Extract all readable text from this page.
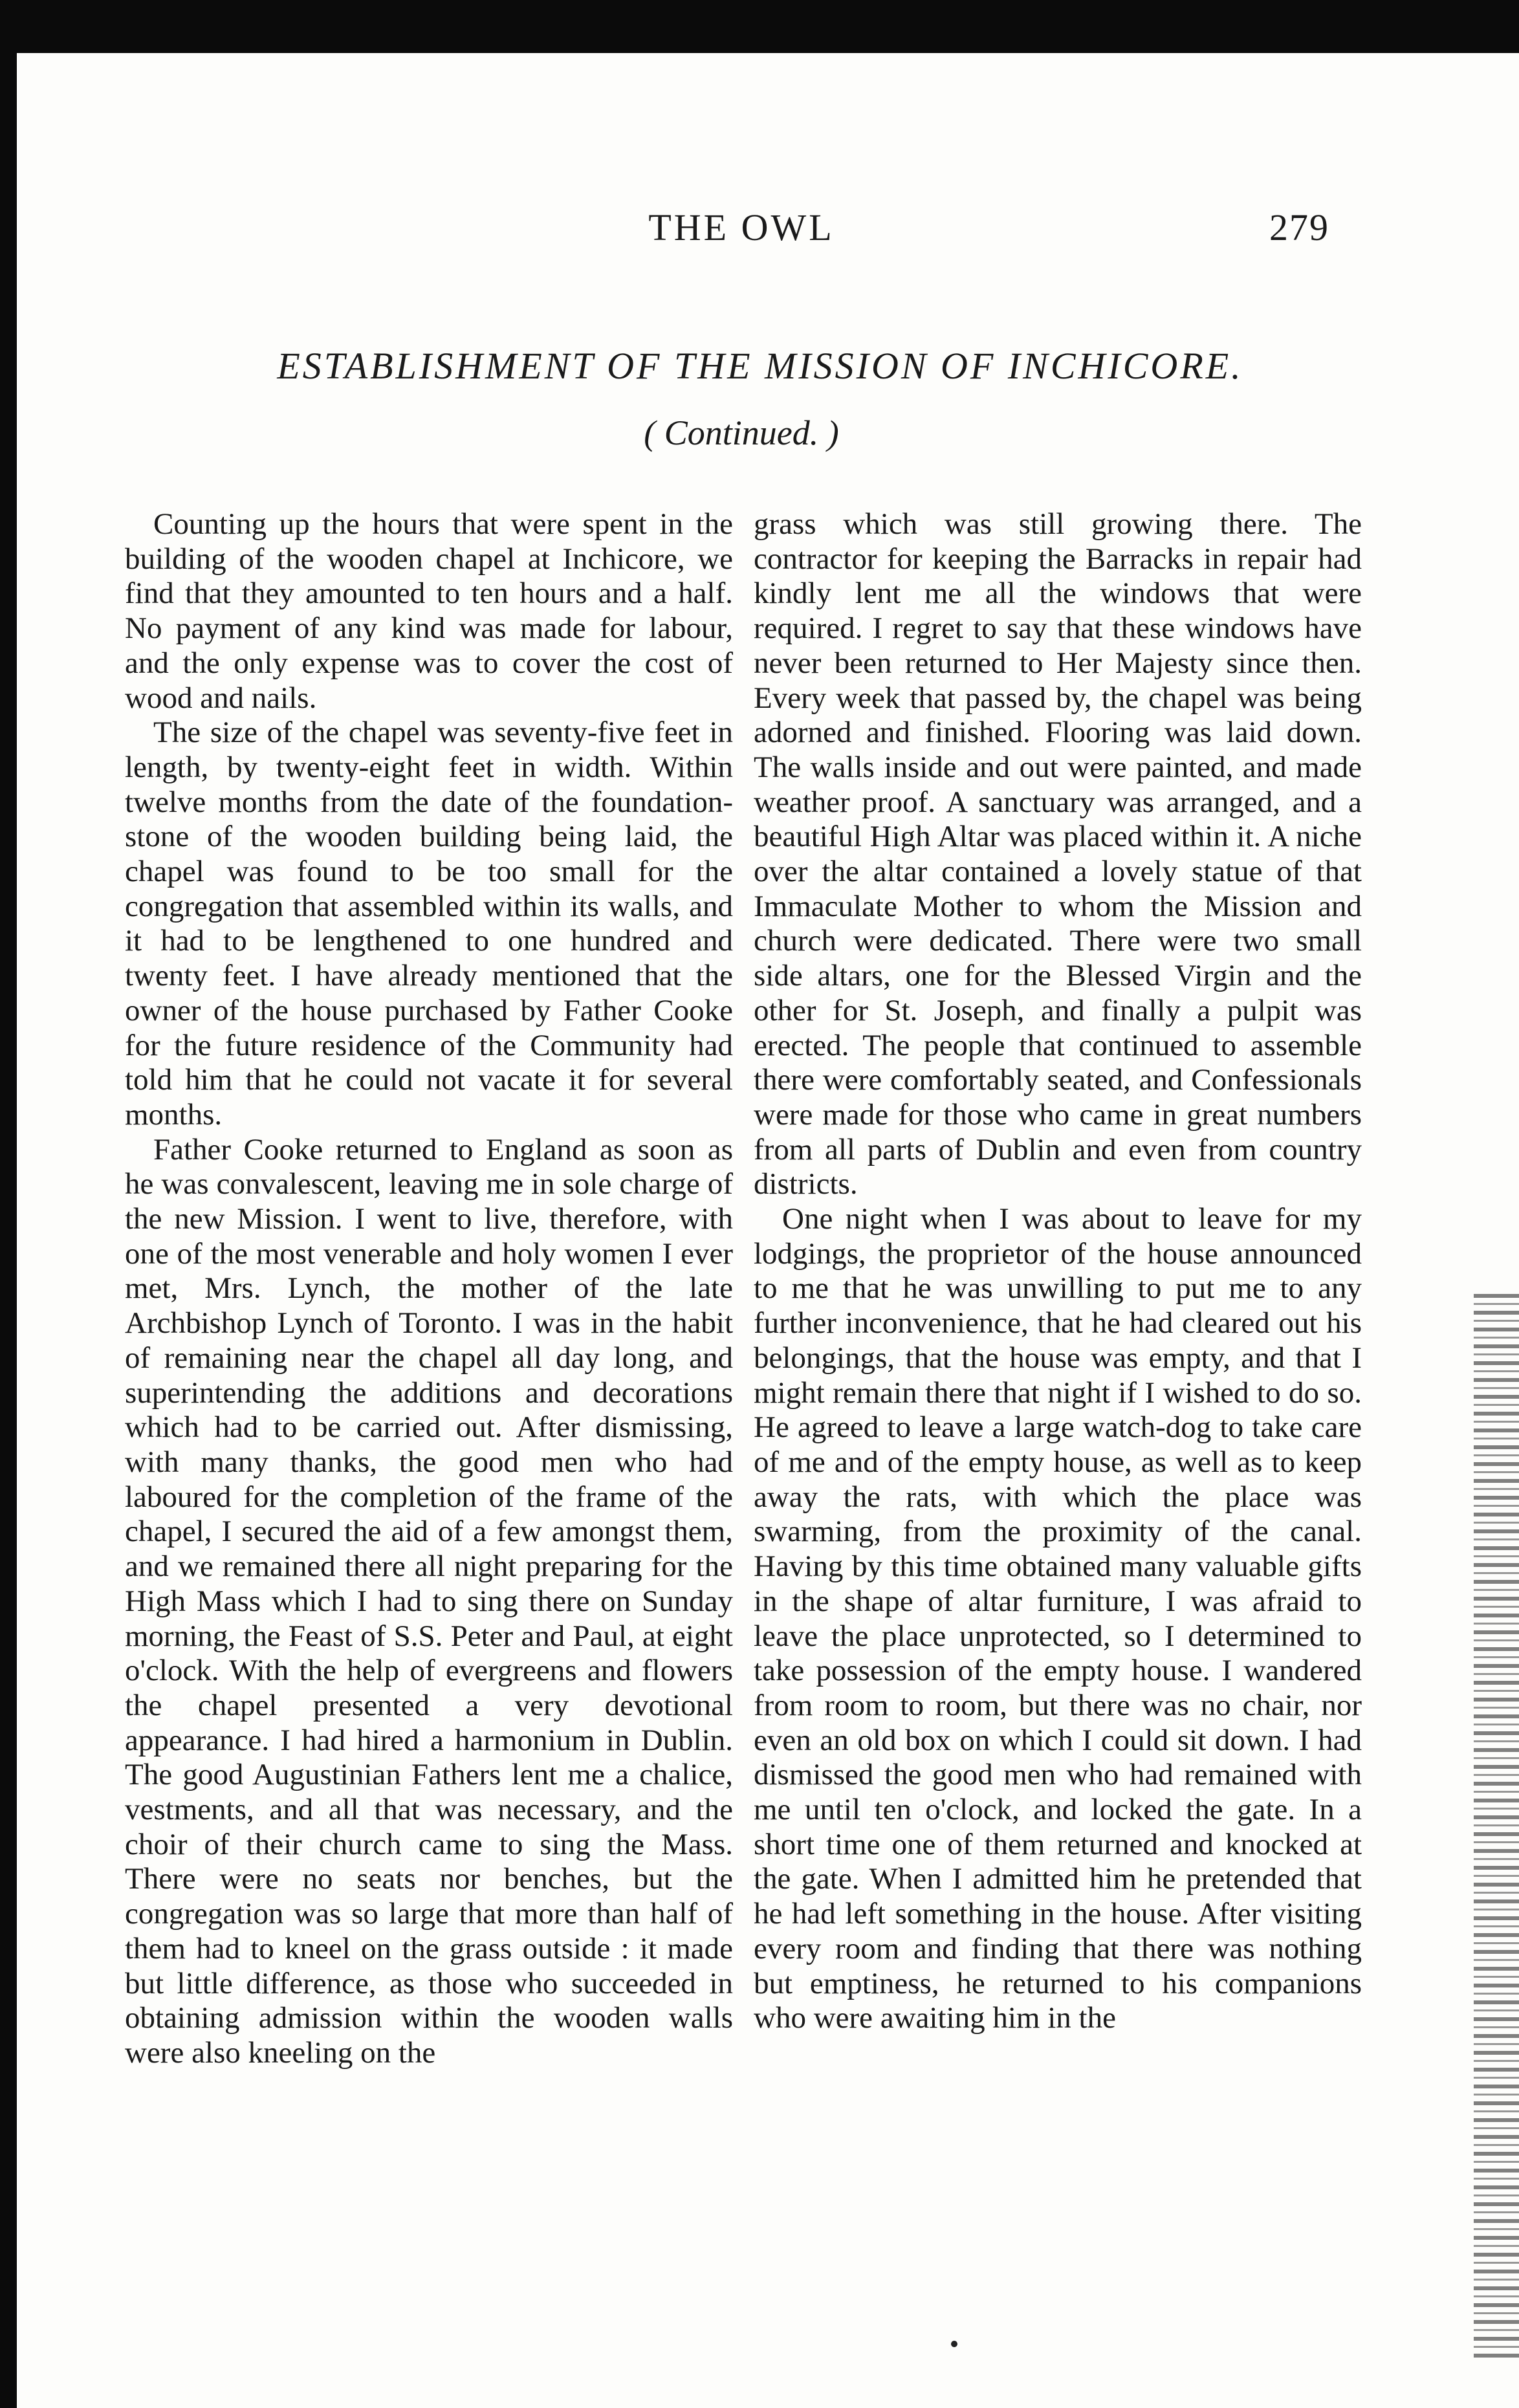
THE OWL	279
ESTABLISHMENT OF THE MISSION OF INCHICORE.
( Continued. )

Counting up the hours that were spent in the building of the wooden chapel at Inchicore, we find that they amounted to ten hours and a half. No payment of any kind was made for labour, and the only expense was to cover the cost of wood and nails.

The size of the chapel was seventy-five feet in length, by twenty-eight feet in width. Within twelve months from the date of the foundation-stone of the wooden building being laid, the chapel was found to be too small for the congregation that assembled within its walls, and it had to be lengthened to one hundred and twenty feet. I have already mentioned that the owner of the house purchased by Father Cooke for the future residence of the Community had told him that he could not vacate it for several months.

Father Cooke returned to England as soon as he was convalescent, leaving me in sole charge of the new Mission. I went to live, therefore, with one of the most venerable and holy women I ever met, Mrs. Lynch, the mother of the late Archbishop Lynch of Toronto. I was in the habit of remaining near the chapel all day long, and superintending the additions and decorations which had to be carried out. After dismissing, with many thanks, the good men who had laboured for the completion of the frame of the chapel, I secured the aid of a few amongst them, and we remained there all night preparing for the High Mass which I had to sing there on Sunday morning, the Feast of S.S. Peter and Paul, at eight o'clock. With the help of evergreens and flowers the chapel presented a very devotional appearance. I had hired a harmonium in Dublin. The good Augustinian Fathers lent me a chalice, vestments, and all that was necessary, and the choir of their church came to sing the Mass. There were no seats nor benches, but the congregation was so large that more than half of them had to kneel on the grass outside : it made but little difference, as those who succeeded in obtaining admission within the wooden walls were also kneeling on the

grass which was still growing there. The contractor for keeping the Barracks in repair had kindly lent me all the windows that were required. I regret to say that these windows have never been returned to Her Majesty since then. Every week that passed by, the chapel was being adorned and finished. Flooring was laid down. The walls inside and out were painted, and made weather proof. A sanctuary was arranged, and a beautiful High Altar was placed within it. A niche over the altar contained a lovely statue of that Immaculate Mother to whom the Mission and church were dedicated. There were two small side altars, one for the Blessed Virgin and the other for St. Joseph, and finally a pulpit was erected. The people that continued to assemble there were comfortably seated, and Confessionals were made for those who came in great numbers from all parts of Dublin and even from country districts.

One night when I was about to leave for my lodgings, the proprietor of the house announced to me that he was unwilling to put me to any further inconvenience, that he had cleared out his belongings, that the house was empty, and that I might remain there that night if I wished to do so. He agreed to leave a large watch-dog to take care of me and of the empty house, as well as to keep away the rats, with which the place was swarming, from the proximity of the canal. Having by this time obtained many valuable gifts in the shape of altar furniture, I was afraid to leave the place unprotected, so I determined to take possession of the empty house. I wandered from room to room, but there was no chair, nor even an old box on which I could sit down. I had dismissed the good men who had remained with me until ten o'clock, and locked the gate. In a short time one of them returned and knocked at the gate. When I admitted him he pretended that he had left something in the house. After visiting every room and finding that there was nothing but emptiness, he returned to his companions who were awaiting him in the
